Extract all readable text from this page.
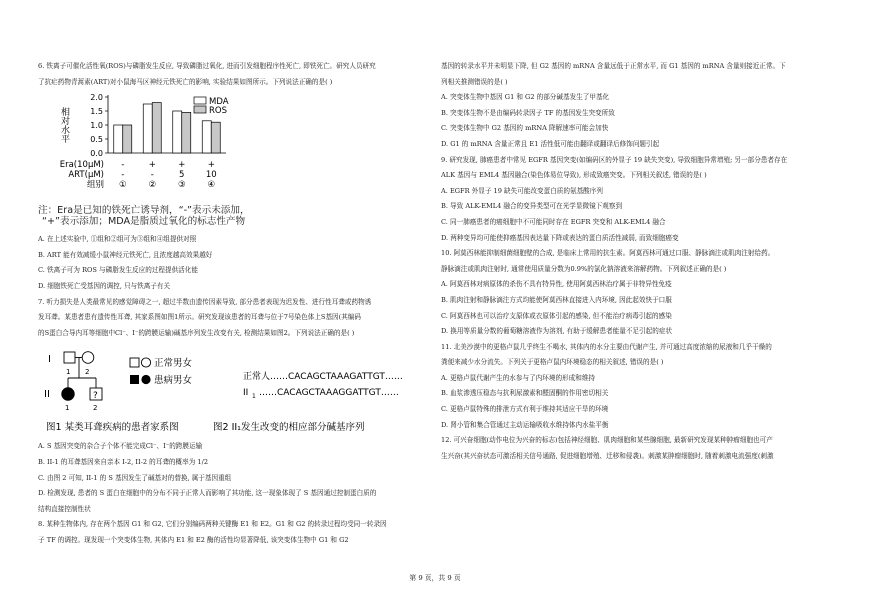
6. 铁离子可催化活性氧(ROS)与磷脂发生反应, 导致磷脂过氧化, 进而引发细胞程序性死亡, 即铁死亡。研究人员研究
了抗疟药物青蒿素(ART)对小鼠海马区神经元铁死亡的影响, 实验结果如图所示。下列说法正确的是( )
相对水平
0.0
0.5
1.0
1.5
2.0	MDA
ROS
Era(10μM) -	+	+	+
ART(μM) -	-	5	10
组别 ①	②	③	④
注：Era是已知的铁死亡诱导剂，“-”表示未添加，
“+”表示添加；MDA是脂质过氧化的标志性产物
A. 在上述实验中, ①组和②组可为③组和④组提供对照
B. ART 能有效减缓小鼠神经元铁死亡, 且浓度越高效果越好
C. 铁离子可为 ROS 与磷脂发生反应的过程提供活化能
D. 细胞铁死亡受基因的调控, 只与铁离子有关
7. 听力损失是人类最常见的感觉障碍之一, 超过半数由遗传因素导致, 部分患者表现为迟发性、进行性耳聋或药物诱
发耳聋。某患者患有遗传性耳聋, 其家系图如图1所示。研究发现该患者的耳聋与位于7号染色体上S基因(其编码
的S蛋白合导内耳等细胞中Cl⁻、I⁻的跨膜运输)碱基序列发生改变有关, 检测结果如图2。下列说法正确的是( )
I
II
1 2
?
1	2
正常男女
患病男女	正常人……CACAGCTAAAGATTGT……
II 1 ……CACAGCTAAAGGATTGT……
图1 某类耳聋疾病的患者家系图	图2 II₁发生改变的相应部分碱基序列
A. S 基因突变的杂合子个体不能完成Cl⁻、I⁻的跨膜运输
B. II-1 的耳聋基因来自亲本 I-2, II-2 的耳聋的概率为 1/2
C. 由图 2 可知, II-1 的 S 基因发生了碱基对的替换, 属于基因重组
D. 检测发现, 患者的 S 蛋白在细胞中的分布不同于正常人而影响了其功能, 这一现象体现了 S 基因通过控制蛋白质的
结构直接控制性状
8. 某种生物体内, 存在两个基因 G1 和 G2, 它们分别编码两种关键酶 E1 和 E2。G1 和 G2 的转录过程均受同一转录因
子 TF 的调控。现发现一个突变体生物, 其体内 E1 和 E2 酶的活性均显著降低, 该突变体生物中 G1 和 G2
基因的转录水平并未明显下降, 但 G2 基因的 mRNA 含量远低于正常水平, 而 G1 基因的 mRNA 含量则接近正常。下
列相关推测错误的是( )
A. 突变体生物中基因 G1 和 G2 的部分碱基发生了甲基化
B. 突变体生物不是由编码转录因子 TF 的基因发生突变所致
C. 突变体生物中 G2 基因的 mRNA 降解速率可能会加快
D. G1 的 mRNA 含量正常且 E1 活性低可能由翻译或翻译后修饰问题引起
9. 研究发现, 肺癌患者中常见 EGFR 基因突变(如编码区的外显子 19 缺失突变), 导致细胞异常增殖; 另一部分患者存在
ALK 基因与 EML4 基因融合(染色体易位导致), 形成致癌突变。下列相关叙述, 错误的是( )
A. EGFR 外显子 19 缺失可能改变蛋白质的氨基酸序列
B. 导致 ALK-EML4 融合的变异类型可在光学显微镜下观察到
C. 同一肺癌患者的癌细胞中不可能同时存在 EGFR 突变和 ALK-EML4 融合
D. 两种变异均可能使抑癌基因表达量下降或表达的蛋白质活性减弱, 而致细胞癌变
10. 阿莫西林能抑制细菌细胞壁的合成, 是临床上常用的抗生素。阿莫西林可通过口服、静脉滴注或肌肉注射给药。
静脉滴注或肌肉注射时, 通常使用质量分数为0.9%的氯化钠溶液来溶解药物。下列叙述正确的是( )
A. 阿莫西林对病原体的杀伤不具有特异性, 使用阿莫西林治疗属于非特异性免疫
B. 肌肉注射和静脉滴注方式均能使阿莫西林直接进入内环境, 因此起效快于口服
C. 阿莫西林也可以治疗支原体或衣原体引起的感染, 但不能治疗病毒引起的感染
D. 换用等质量分数的葡萄糖溶液作为溶剂, 有助于缓解患者能量不足引起的症状
11. 北美沙漠中的更格卢鼠几乎终生不喝水, 其体内的水分主要由代谢产生, 并可通过高度浓缩的尿液和几乎干燥的
粪便来减少水分流失。下列关于更格卢鼠内环境稳态的相关叙述, 错误的是( )
A. 更格卢鼠代谢产生的水参与了内环境的形成和维持
B. 血浆渗透压稳态与抗利尿激素和醛固酮的作用密切相关
C. 更格卢鼠特殊的排泄方式有利于维持其适应干旱的环境
D. 肾小管和集合管通过主动运输吸收水维持体内水盐平衡
12. 可兴奋细胞(动作电位为兴奋的标志)包括神经细胞、肌肉细胞和某些腺细胞, 最新研究发现某种肿瘤细胞也可产
生兴奋(其兴奋状态可激活相关信号通路, 促进细胞增殖、迁移和侵袭)。刺激某肿瘤细胞时, 随着刺激电流强度(刺激
第 9 页，共 9 页
